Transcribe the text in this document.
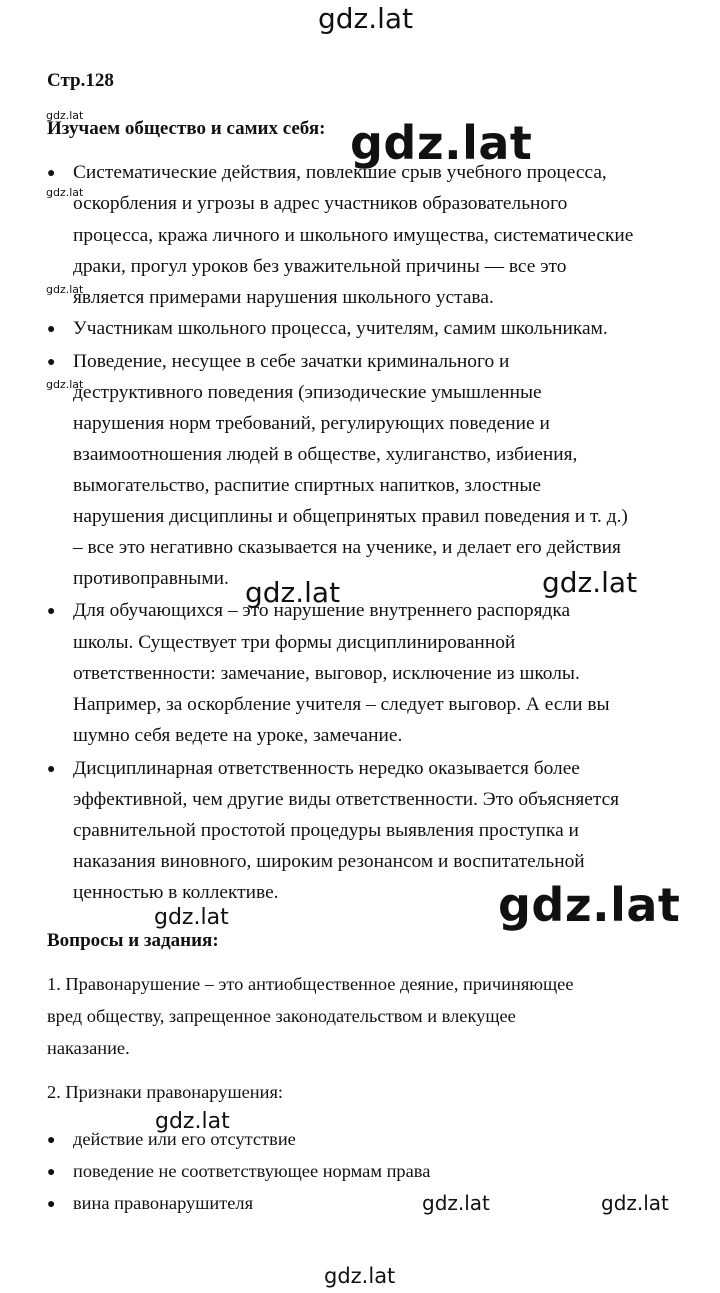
gdz.lat
Стр.128
gdz.lat
gdz.lat
gdz.lat
gdz.lat
Изучаем общество и самих себя:
● Систематические действия, повлекшие срыв учебного процесса,
оскорбления и угрозы в адрес участников образовательного
процесса, кража личного и школьного имущества, систематические
драки, прогул уроков без уважительной причины — все это
является примерами нарушения школьного устава.
● Участникам школьного процесса, учителям, самим школьникам.
● Поведение, несущее в себе зачатки криминального и
деструктивного поведения (эпизодические умышленные
нарушения норм требований, регулирующих поведение и
взаимоотношения людей в обществе, хулиганство, избиения,
вымогательство, распитие спиртных напитков, злостные
нарушения дисциплины и общепринятых правил поведения и т. д.)
– все это негативно сказывается на ученике, и делает его действия
противоправными.
● Для обучающихся – это нарушение внутреннего распорядка
школы. Существует три формы дисциплинированной
ответственности: замечание, выговор, исключение из школы.
Например, за оскорбление учителя – следует выговор. А если вы
шумно себя ведете на уроке, замечание.
● Дисциплинарная ответственность нередко оказывается более
эффективной, чем другие виды ответственности. Это объясняется
сравнительной простотой процедуры выявления проступка и
наказания виновного, широким резонансом и воспитательной
ценностью в коллективе.
Вопросы и задания:
1. Правонарушение – это антиобщественное деяние, причиняющее
вред обществу, запрещенное законодательством и влекущее
наказание.
2. Признаки правонарушения:
● действие или его отсутствие
● поведение не соответствующее нормам права
● вина правонарушителя
gdz.lat
gdz.lat	gdz.lat
gdz.lat	gdz.lat
gdz.lat
gdz.lat	gdz.lat
gdz.lat
